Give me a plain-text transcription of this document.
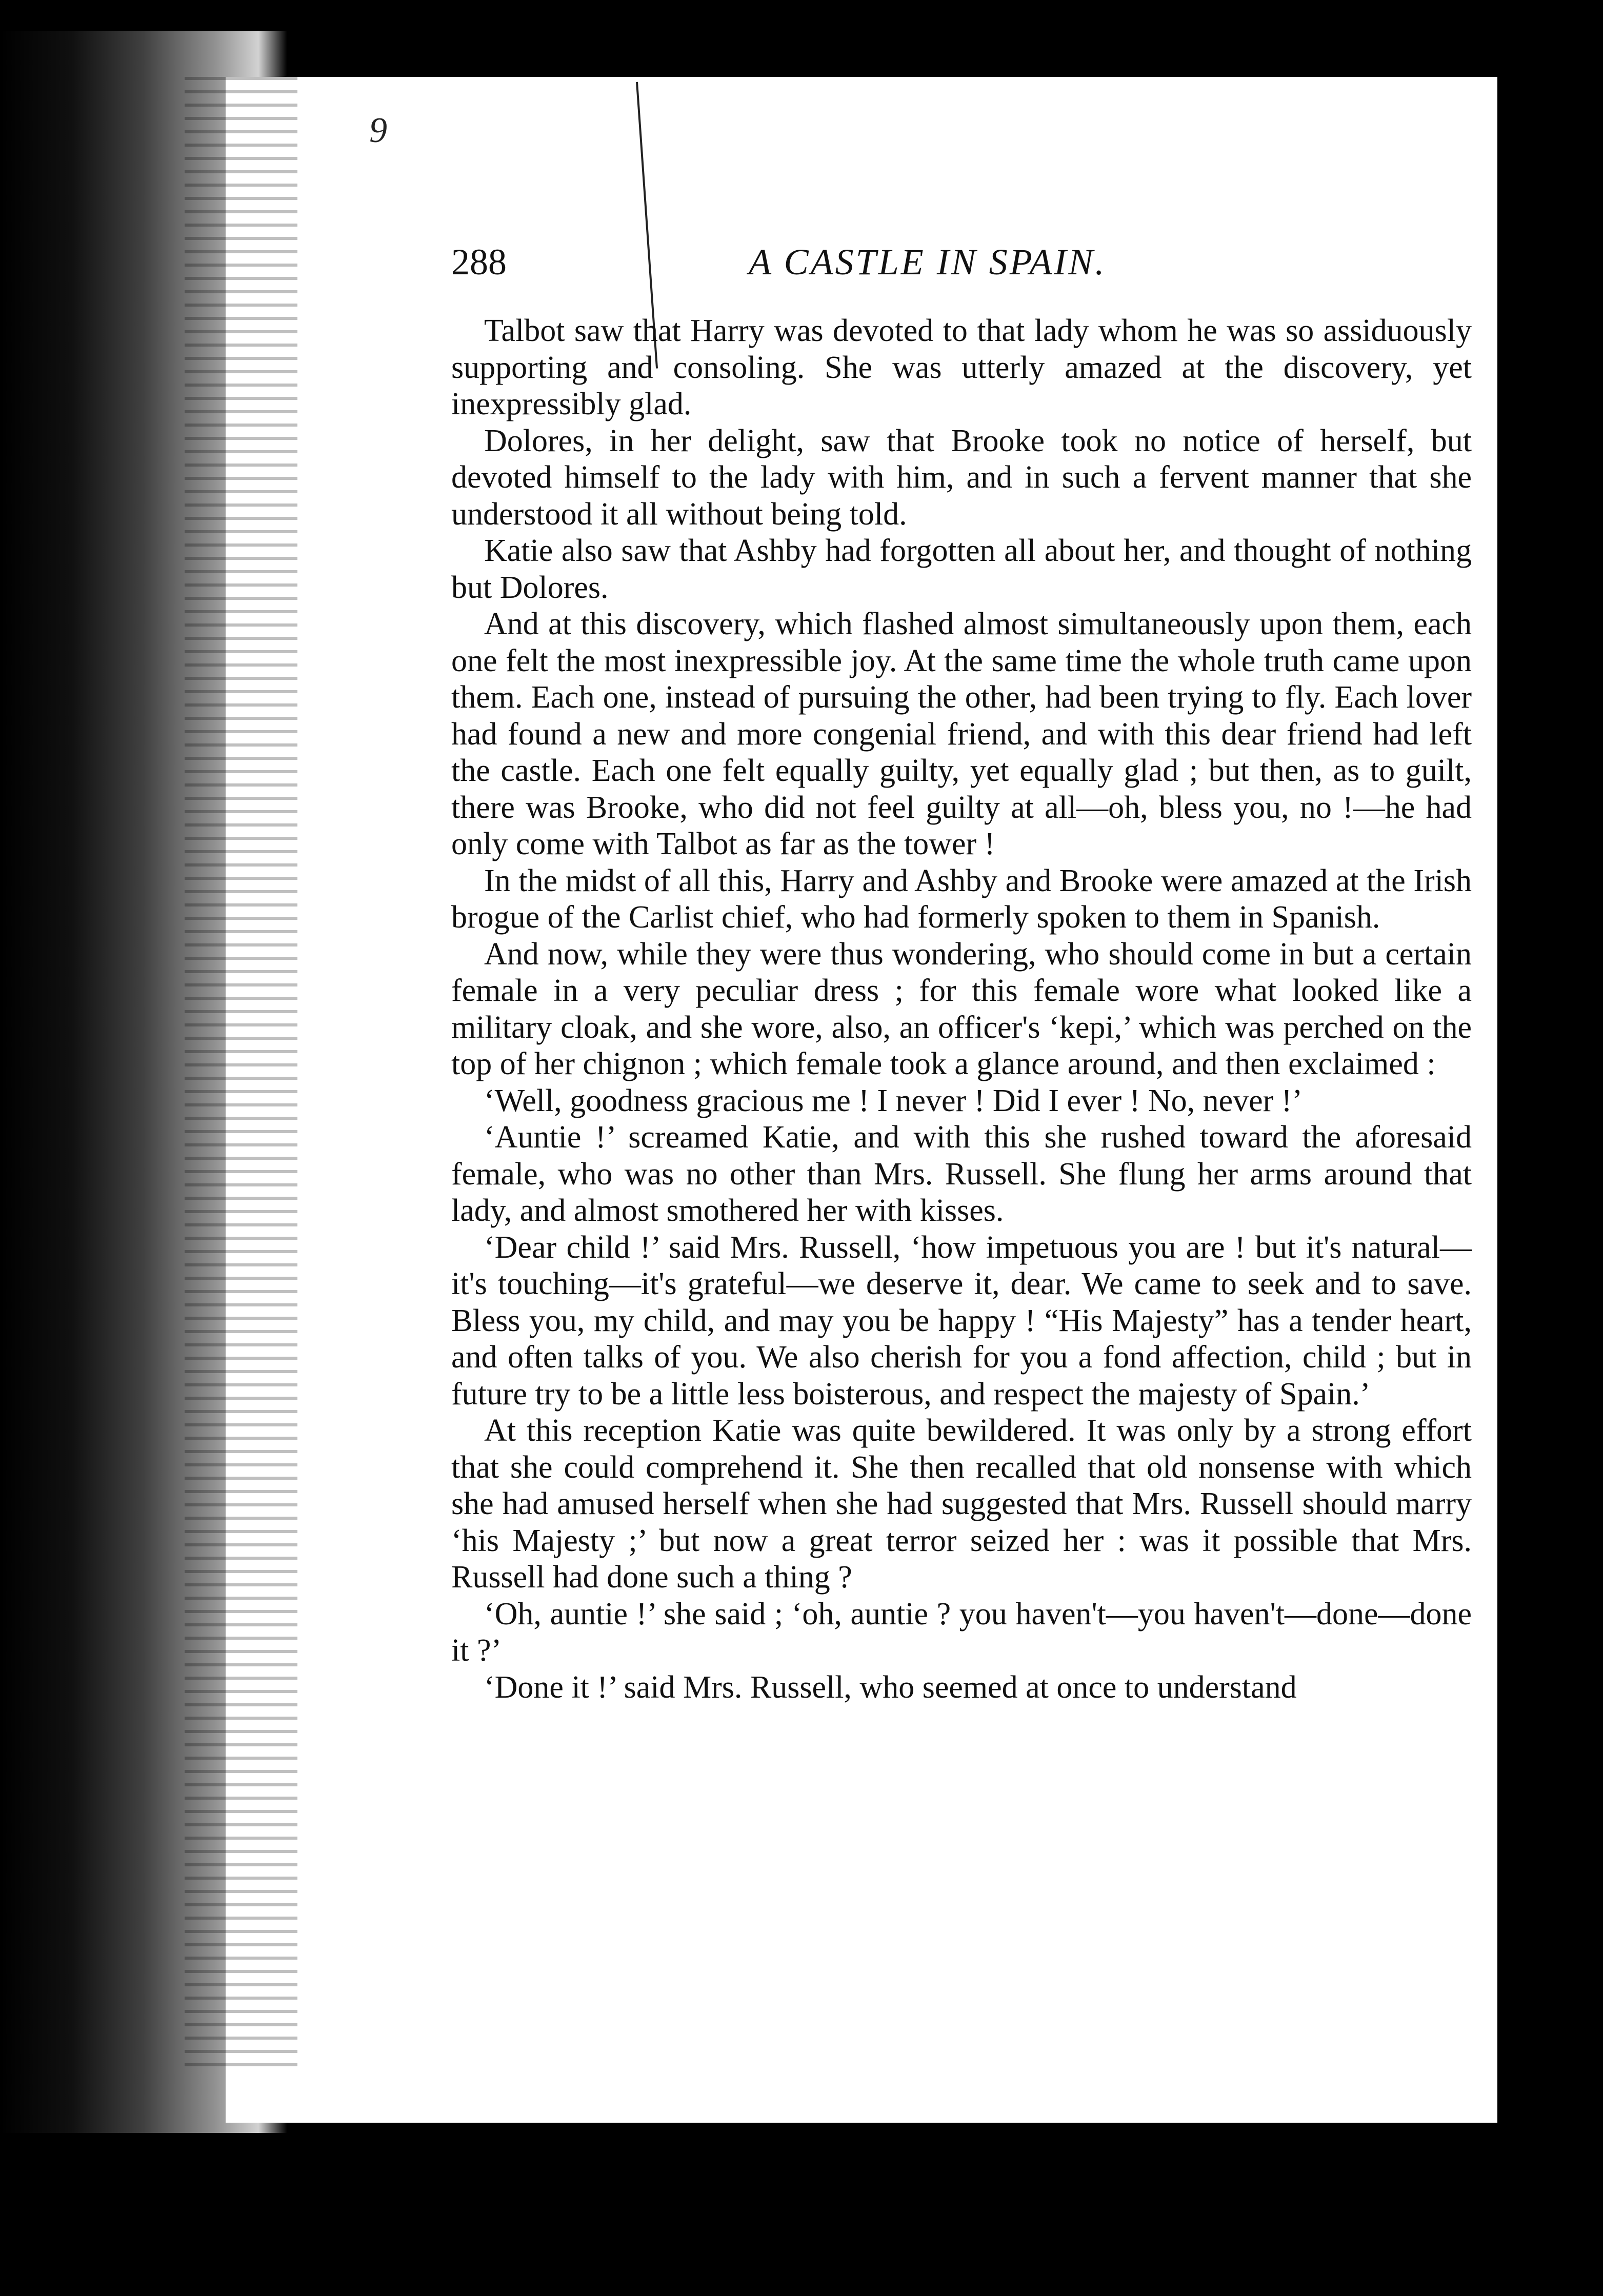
9
288	A CASTLE IN SPAIN.

Talbot saw that Harry was devoted to that lady whom he was so assiduously supporting and consoling. She was utterly amazed at the discovery, yet inexpressibly glad.

Dolores, in her delight, saw that Brooke took no notice of herself, but devoted himself to the lady with him, and in such a fervent manner that she understood it all without being told.

Katie also saw that Ashby had forgotten all about her, and thought of nothing but Dolores.

And at this discovery, which flashed almost simultaneously upon them, each one felt the most inexpressible joy. At the same time the whole truth came upon them. Each one, instead of pursuing the other, had been trying to fly. Each lover had found a new and more congenial friend, and with this dear friend had left the castle. Each one felt equally guilty, yet equally glad ; but then, as to guilt, there was Brooke, who did not feel guilty at all—oh, bless you, no !—he had only come with Talbot as far as the tower !

In the midst of all this, Harry and Ashby and Brooke were amazed at the Irish brogue of the Carlist chief, who had formerly spoken to them in Spanish.

And now, while they were thus wondering, who should come in but a certain female in a very peculiar dress ; for this female wore what looked like a military cloak, and she wore, also, an officer's ‘kepi,’ which was perched on the top of her chignon ; which female took a glance around, and then exclaimed :

‘Well, goodness gracious me ! I never ! Did I ever ! No, never !’

‘Auntie !’ screamed Katie, and with this she rushed toward the aforesaid female, who was no other than Mrs. Russell. She flung her arms around that lady, and almost smothered her with kisses.

‘Dear child !’ said Mrs. Russell, ‘how impetuous you are ! but it's natural—it's touching—it's grateful—we deserve it, dear. We came to seek and to save. Bless you, my child, and may you be happy ! “His Majesty” has a tender heart, and often talks of you. We also cherish for you a fond affection, child ; but in future try to be a little less boisterous, and respect the majesty of Spain.’

At this reception Katie was quite bewildered. It was only by a strong effort that she could comprehend it. She then recalled that old nonsense with which she had amused herself when she had suggested that Mrs. Russell should marry ‘his Majesty ;’ but now a great terror seized her : was it possible that Mrs. Russell had done such a thing ?

‘Oh, auntie !’ she said ; ‘oh, auntie ? you haven't—you haven't—done—done it ?’

‘Done it !’ said Mrs. Russell, who seemed at once to understand
